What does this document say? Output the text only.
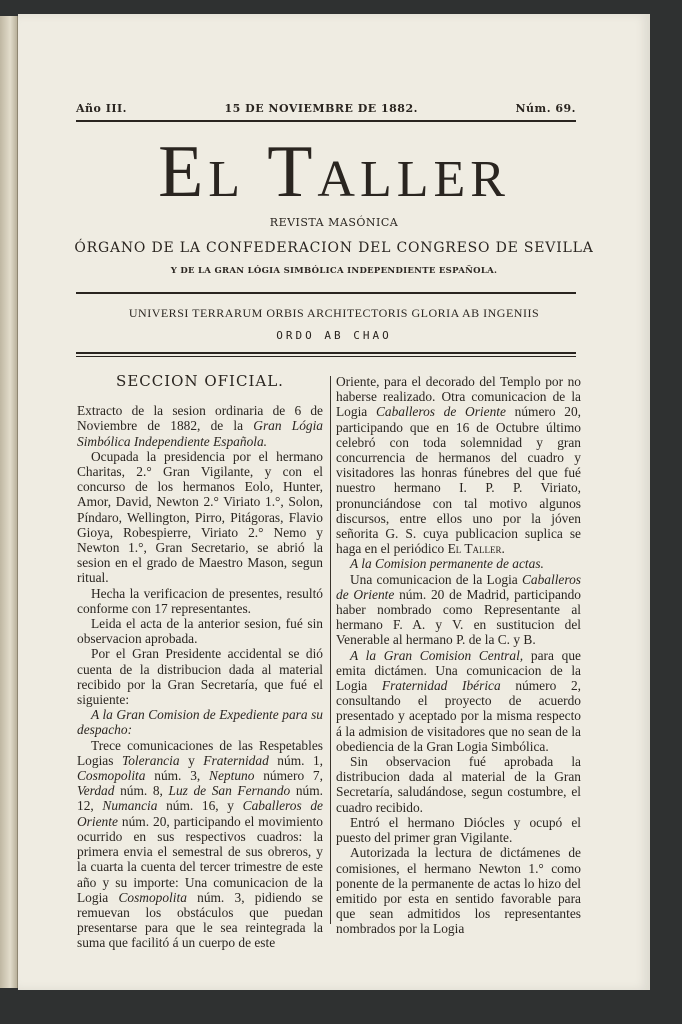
Año III.	15 DE NOVIEMBRE DE 1882.	Núm. 69.
El Taller
REVISTA MASÓNICA
ÓRGANO DE LA CONFEDERACION DEL CONGRESO DE SEVILLA
Y DE LA GRAN LÓGIA SIMBÓLICA INDEPENDIENTE ESPAÑOLA.
UNIVERSI TERRARUM ORBIS ARCHITECTORIS GLORIA AB INGENIIS
ORDO AB CHAO
SECCION OFICIAL.

Extracto de la sesion ordinaria de 6 de Noviembre de 1882, de la Gran Lógia Simbólica Independiente Española.

Ocupada la presidencia por el hermano Charitas, 2.° Gran Vigilante, y con el concurso de los hermanos Eolo, Hunter, Amor, David, Newton 2.° Viriato 1.°, Solon, Píndaro, Wellington, Pirro, Pitágoras, Flavio Gioya, Robespierre, Viriato 2.° Nemo y Newton 1.°, Gran Secretario, se abrió la sesion en el grado de Maestro Mason, segun ritual.

Hecha la verificacion de presentes, resultó conforme con 17 representantes.

Leida el acta de la anterior sesion, fué sin observacion aprobada.

Por el Gran Presidente accidental se dió cuenta de la distribucion dada al material recibido por la Gran Secretaría, que fué el siguiente:

A la Gran Comision de Expediente para su despacho:

Trece comunicaciones de las Respetables Logias Tolerancia y Fraternidad núm. 1, Cosmopolita núm. 3, Neptuno número 7, Verdad núm. 8, Luz de San Fernando núm. 12, Numancia núm. 16, y Caballeros de Oriente núm. 20, participando el movimiento ocurrido en sus respectivos cuadros: la primera envia el semestral de sus obreros, y la cuarta la cuenta del tercer trimestre de este año y su importe: Una comunicacion de la Logia Cosmopolita núm. 3, pidiendo se remuevan los obstáculos que puedan presentarse para que le sea reintegrada la suma que facilitó á un cuerpo de este

Oriente, para el decorado del Templo por no haberse realizado. Otra comunicacion de la Logia Caballeros de Oriente número 20, participando que en 16 de Octubre último celebró con toda solemnidad y gran concurrencia de hermanos del cuadro y visitadores las honras fúnebres del que fué nuestro hermano I. P. P. Viriato, pronunciándose con tal motivo algunos discursos, entre ellos uno por la jóven señorita G. S. cuya publicacion suplica se haga en el periódico El Taller.

A la Comision permanente de actas.

Una comunicacion de la Logia Caballeros de Oriente núm. 20 de Madrid, participando haber nombrado como Representante al hermano F. A. y V. en sustitucion del Venerable al hermano P. de la C. y B.

A la Gran Comision Central, para que emita dictámen. Una comunicacion de la Logia Fraternidad Ibérica número 2, consultando el proyecto de acuerdo presentado y aceptado por la misma respecto á la admision de visitadores que no sean de la obediencia de la Gran Logia Simbólica.

Sin observacion fué aprobada la distribucion dada al material de la Gran Secretaría, saludándose, segun costumbre, el cuadro recibido.

Entró el hermano Diócles y ocupó el puesto del primer gran Vigilante.

Autorizada la lectura de dictámenes de comisiones, el hermano Newton 1.° como ponente de la permanente de actas lo hizo del emitido por esta en sentido favorable para que sean admitidos los representantes nombrados por la Logia
